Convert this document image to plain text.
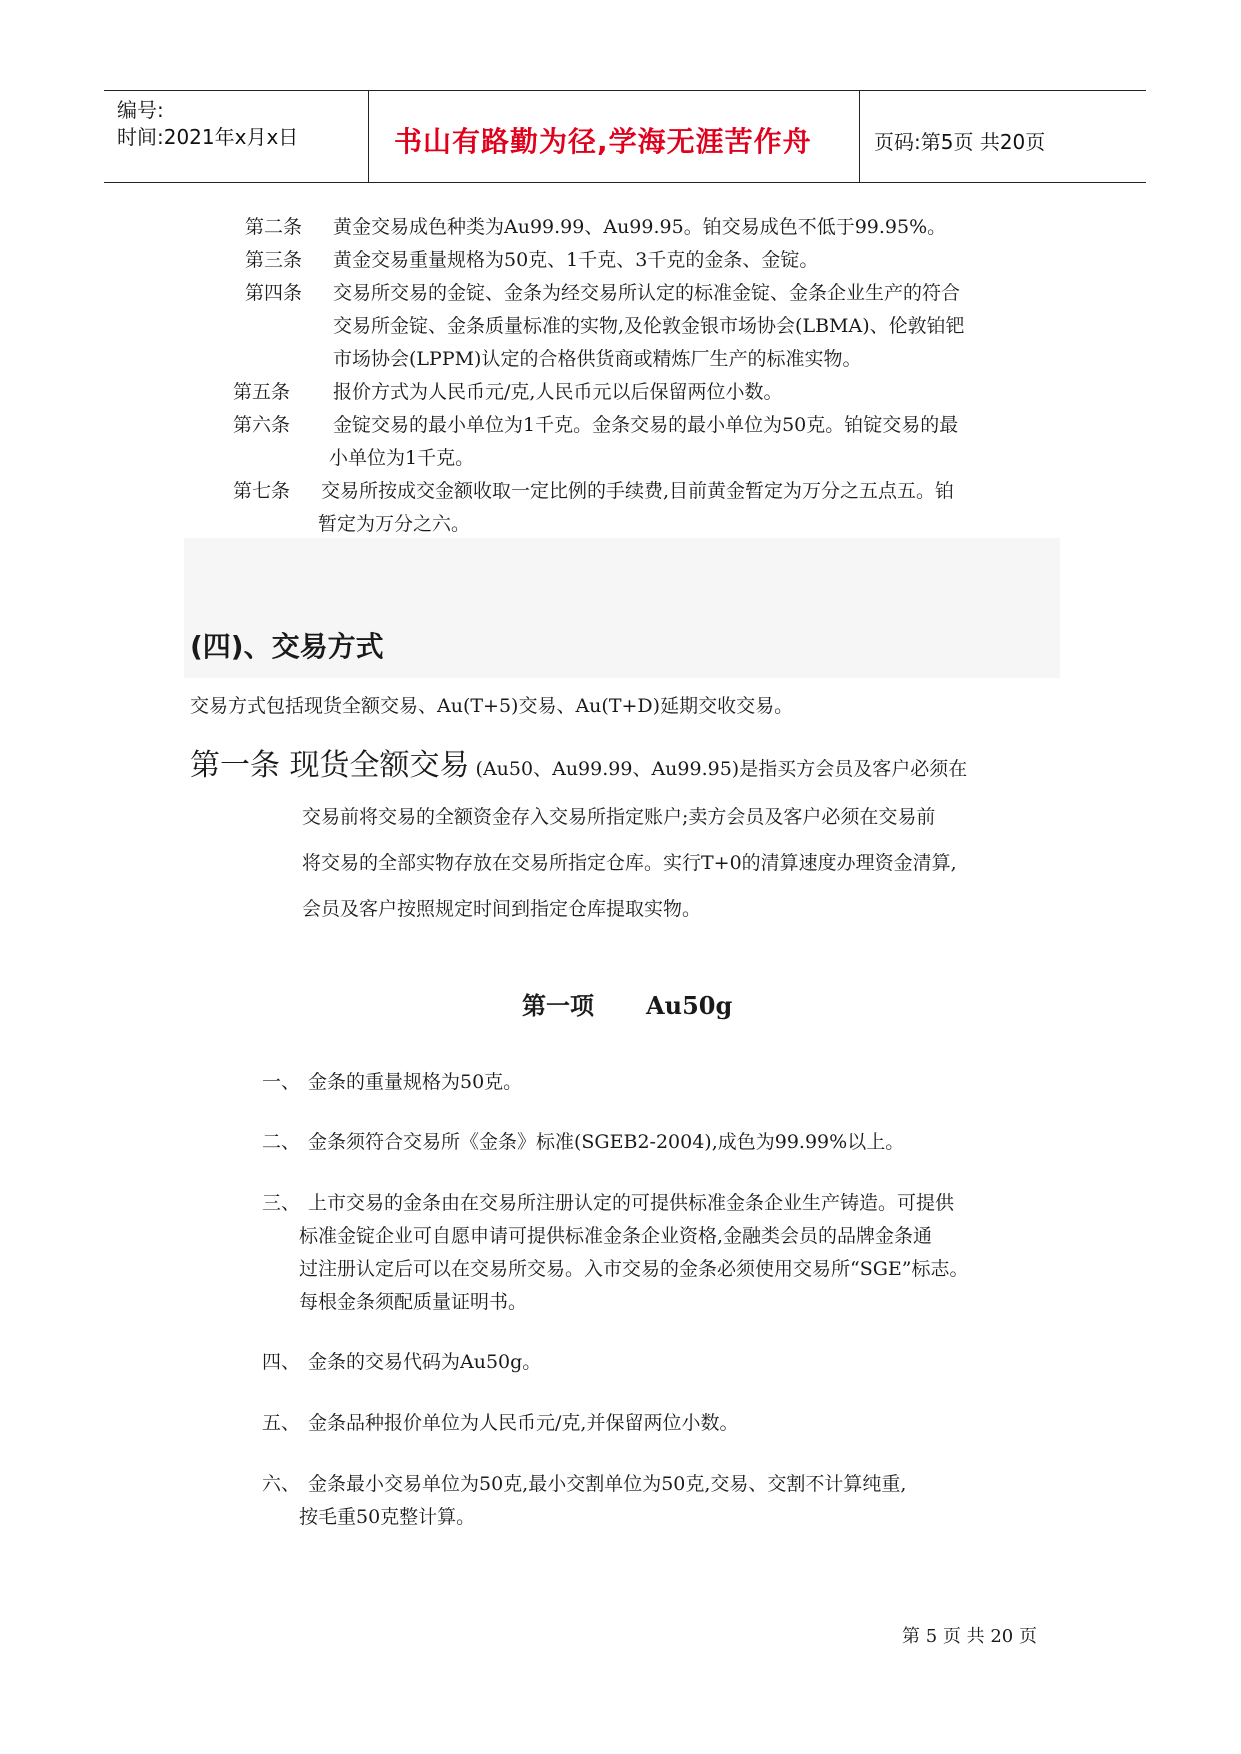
编号:
时间:2021年x月x日	书山有路勤为径,学海无涯苦作舟	页码:第5页 共20页
第二条 黄金交易成色种类为Au99.99、Au99.95。铂交易成色不低于99.95%。
第三条 黄金交易重量规格为50克、1千克、3千克的金条、金锭。
第四条 交易所交易的金锭、金条为经交易所认定的标准金锭、金条企业生产的符合
交易所金锭、金条质量标准的实物,及伦敦金银市场协会(LBMA)、伦敦铂钯
市场协会(LPPM)认定的合格供货商或精炼厂生产的标准实物。
第五条 报价方式为人民币元/克,人民币元以后保留两位小数。
第六条 金锭交易的最小单位为1千克。金条交易的最小单位为50克。铂锭交易的最
小单位为1千克。
第七条 交易所按成交金额收取一定比例的手续费,目前黄金暂定为万分之五点五。铂
暂定为万分之六。
(四)、交易方式
交易方式包括现货全额交易、Au(T+5)交易、Au(T+D)延期交收交易。
第一条 现货全额交易 (Au50、Au99.99、Au99.95)是指买方会员及客户必须在
交易前将交易的全额资金存入交易所指定账户;卖方会员及客户必须在交易前
将交易的全部实物存放在交易所指定仓库。实行T+0的清算速度办理资金清算,
会员及客户按照规定时间到指定仓库提取实物。
第一项 Au50g
一、 金条的重量规格为50克。
二、 金条须符合交易所《金条》标准(SGEB2-2004),成色为99.99%以上。
三、 上市交易的金条由在交易所注册认定的可提供标准金条企业生产铸造。可提供
标准金锭企业可自愿申请可提供标准金条企业资格,金融类会员的品牌金条通
过注册认定后可以在交易所交易。入市交易的金条必须使用交易所“SGE”标志。
每根金条须配质量证明书。
四、 金条的交易代码为Au50g。
五、 金条品种报价单位为人民币元/克,并保留两位小数。
六、 金条最小交易单位为50克,最小交割单位为50克,交易、交割不计算纯重,
按毛重50克整计算。
第 5 页 共 20 页
